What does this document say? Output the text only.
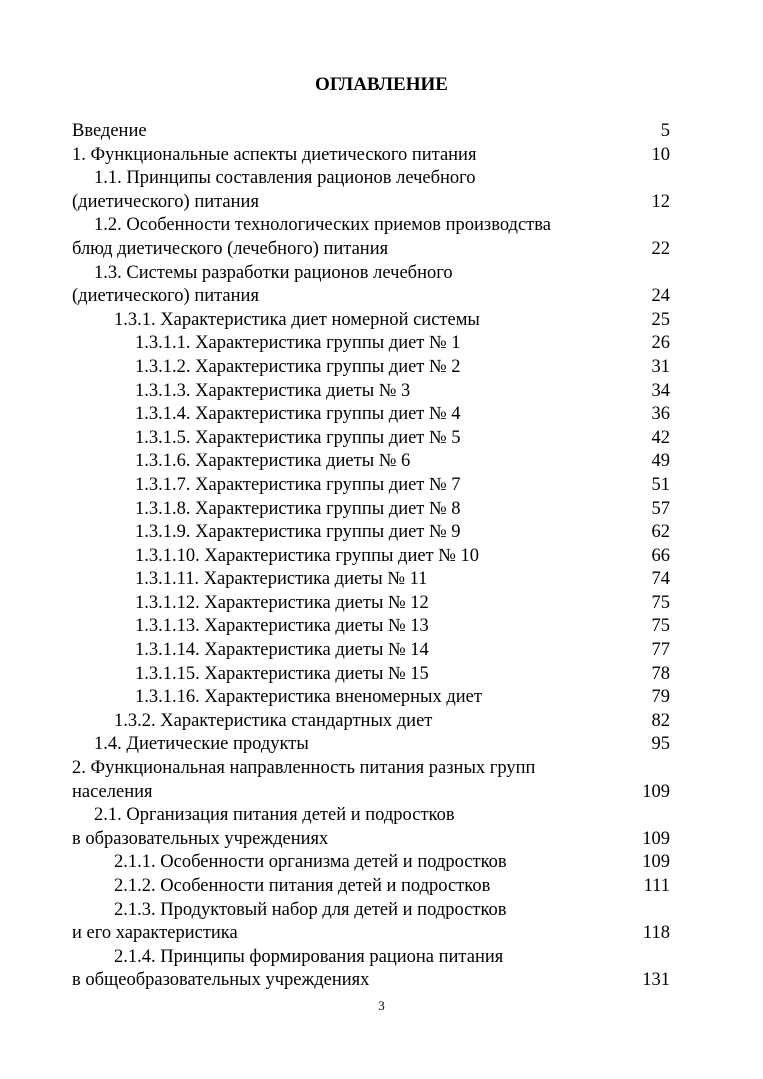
ОГЛАВЛЕНИЕ
Введение	5
1. Функциональные аспекты диетического питания	10
1.1. Принципы составления рационов лечебного
(диетического) питания	12
1.2. Особенности технологических приемов производства
блюд диетического (лечебного) питания	22
1.3. Системы разработки рационов лечебного
(диетического) питания	24
1.3.1. Характеристика диет номерной системы	25
1.3.1.1. Характеристика группы диет № 1	26
1.3.1.2. Характеристика группы диет № 2	31
1.3.1.3. Характеристика диеты № 3	34
1.3.1.4. Характеристика группы диет № 4	36
1.3.1.5. Характеристика группы диет № 5	42
1.3.1.6. Характеристика диеты № 6	49
1.3.1.7. Характеристика группы диет № 7	51
1.3.1.8. Характеристика группы диет № 8	57
1.3.1.9. Характеристика группы диет № 9	62
1.3.1.10. Характеристика группы диет № 10	66
1.3.1.11. Характеристика диеты № 11	74
1.3.1.12. Характеристика диеты № 12	75
1.3.1.13. Характеристика диеты № 13	75
1.3.1.14. Характеристика диеты № 14	77
1.3.1.15. Характеристика диеты № 15	78
1.3.1.16. Характеристика вненомерных диет	79
1.3.2. Характеристика стандартных диет	82
1.4. Диетические продукты	95
2. Функциональная направленность питания разных групп
населения	109
2.1. Организация питания детей и подростков
в образовательных учреждениях	109
2.1.1. Особенности организма детей и подростков	109
2.1.2. Особенности питания детей и подростков	111
2.1.3. Продуктовый набор для детей и подростков
и его характеристика	118
2.1.4. Принципы формирования рациона питания
в общеобразовательных учреждениях	131
3
